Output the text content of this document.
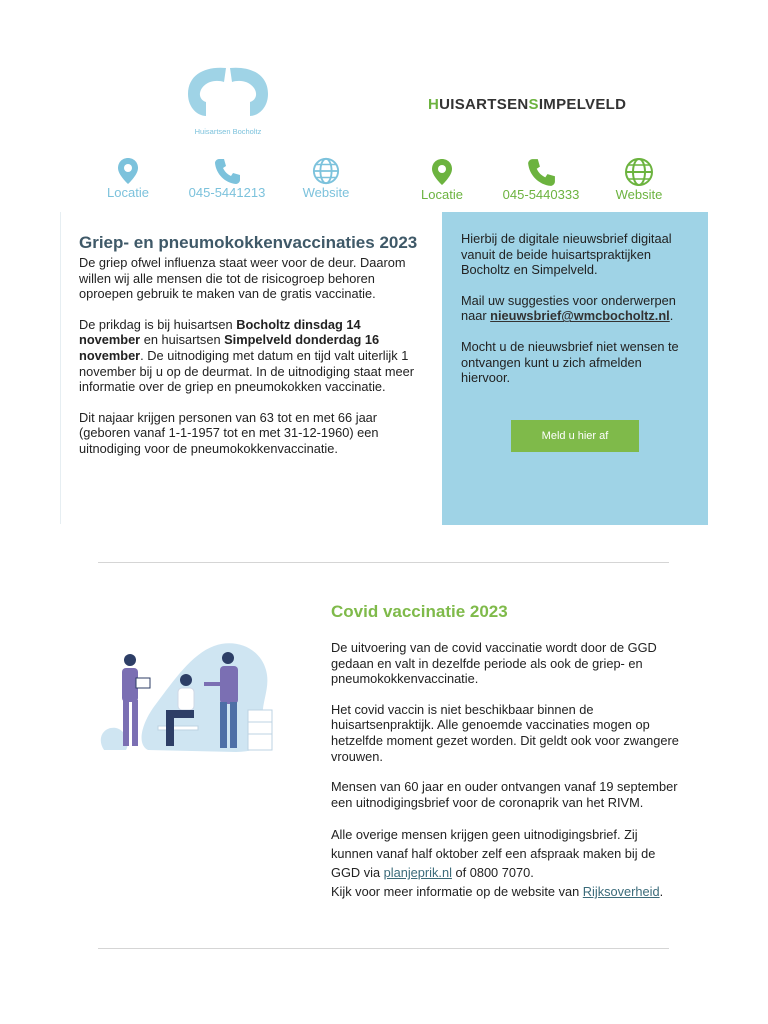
Huisartsen Bocholtz
HUISARTSENSIMPELVELD
Locatie	045-5441213	Website	Locatie	045-5440333	Website
Griep- en pneumokokkenvaccinaties 2023

De griep ofwel influenza staat weer voor de deur. Daarom willen wij alle mensen die tot de risicogroep behoren oproepen gebruik te maken van de gratis vaccinatie.

De prikdag is bij huisartsen Bocholtz dinsdag 14 november en huisartsen Simpelveld donderdag 16 november. De uitnodiging met datum en tijd valt uiterlijk 1 november bij u op de deurmat. In de uitnodiging staat meer informatie over de griep en pneumokokken vaccinatie.

Dit najaar krijgen personen van 63 tot en met 66 jaar (geboren vanaf 1-1-1957 tot en met 31-12-1960) een uitnodiging voor de pneumokokkenvaccinatie.

Hierbij de digitale nieuwsbrief digitaal vanuit de beide huisartspraktijken Bocholtz en Simpelveld.

Mail uw suggesties voor onderwerpen naar nieuwsbrief@wmcbocholtz.nl.

Mocht u de nieuwsbrief niet wensen te ontvangen kunt u zich afmelden hiervoor.

Meld u hier af
Covid vaccinatie 2023

De uitvoering van de covid vaccinatie wordt door de GGD gedaan en valt in dezelfde periode als ook de griep- en pneumokokkenvaccinatie.

Het covid vaccin is niet beschikbaar binnen de huisartsenpraktijk. Alle genoemde vaccinaties mogen op hetzelfde moment gezet worden. Dit geldt ook voor zwangere vrouwen.

Mensen van 60 jaar en ouder ontvangen vanaf 19 september een uitnodigingsbrief voor de coronaprik van het RIVM.

Alle overige mensen krijgen geen uitnodigingsbrief. Zij kunnen vanaf half oktober zelf een afspraak maken bij de GGD via planjeprik.nl of 0800 7070.
Kijk voor meer informatie op de website van Rijksoverheid.
